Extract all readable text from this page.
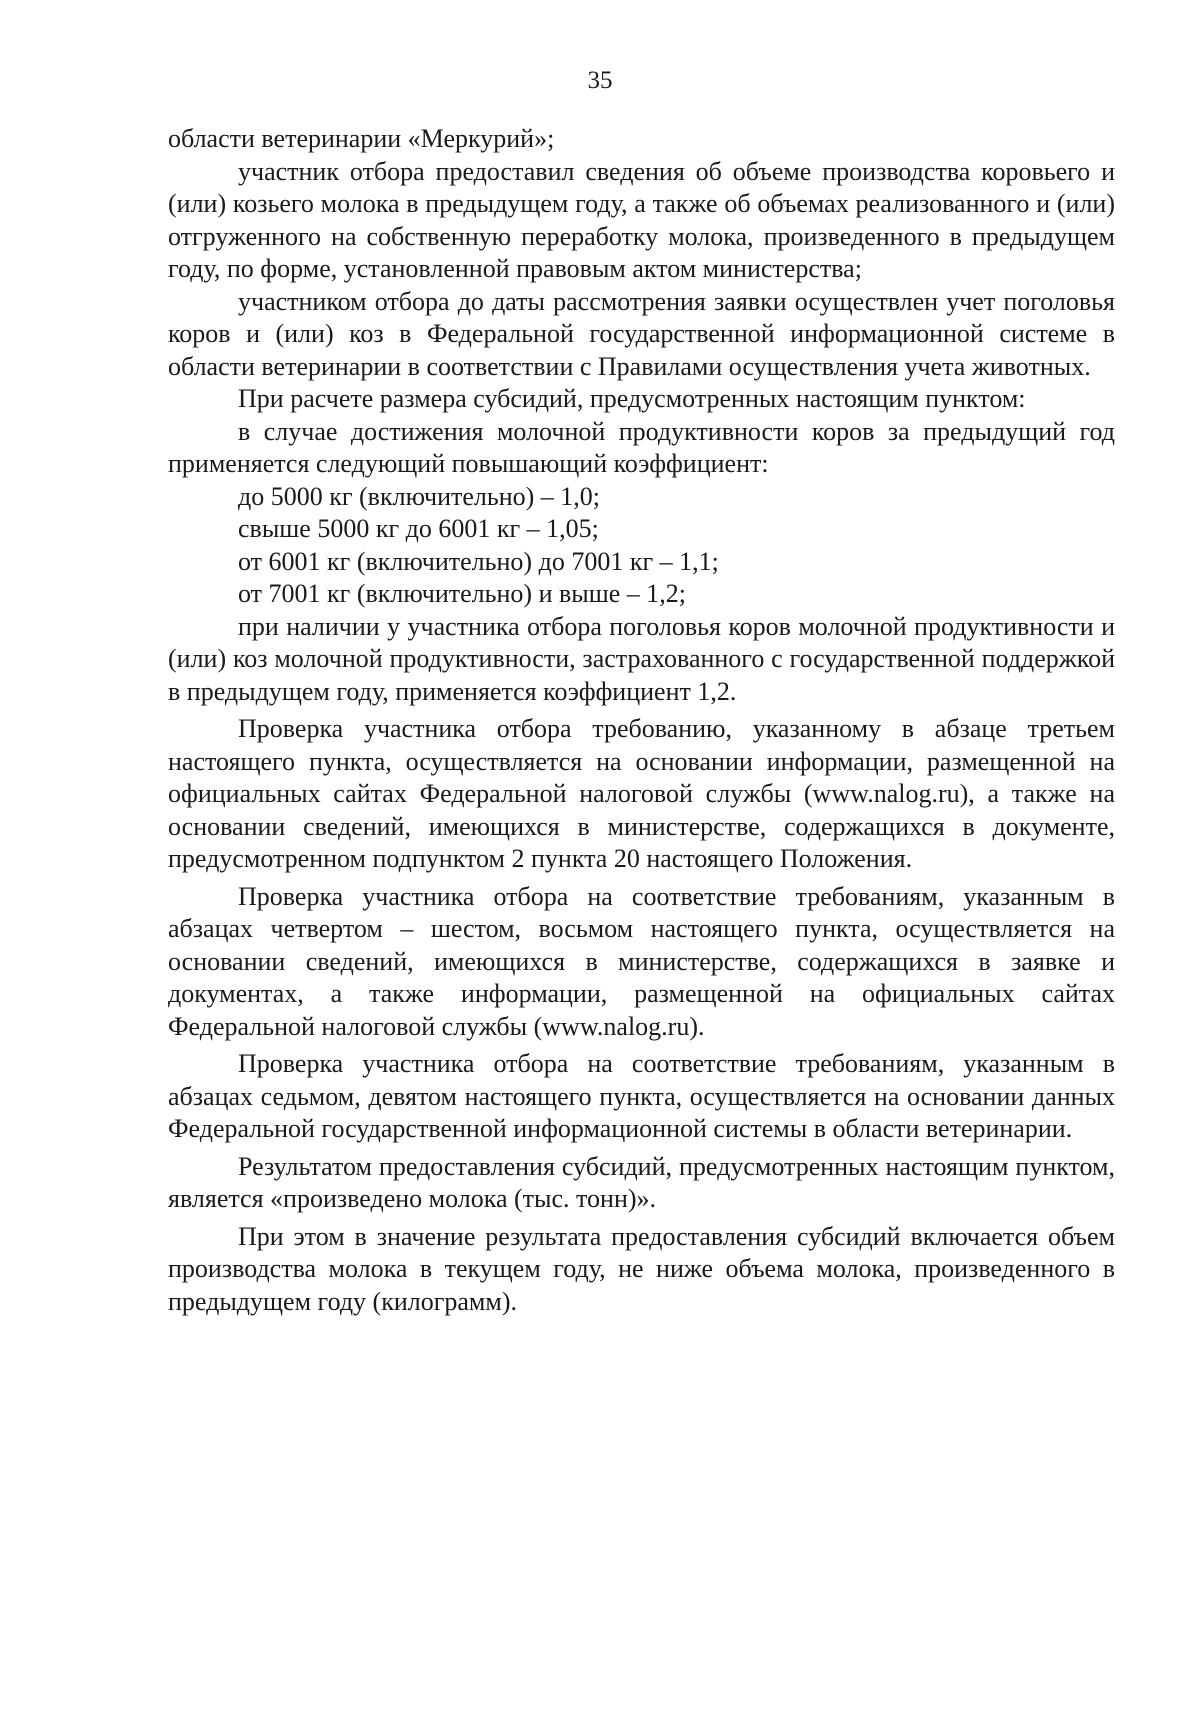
35

области ветеринарии «Меркурий»;

участник отбора предоставил сведения об объеме производства коровьего и (или) козьего молока в предыдущем году, а также об объемах реализованного и (или) отгруженного на собственную переработку молока, произведенного в предыдущем году, по форме, установленной правовым актом министерства;

участником отбора до даты рассмотрения заявки осуществлен учет поголовья коров и (или) коз в Федеральной государственной информационной системе в области ветеринарии в соответствии с Правилами осуществления учета животных.

При расчете размера субсидий, предусмотренных настоящим пунктом:

в случае достижения молочной продуктивности коров за предыдущий год применяется следующий повышающий коэффициент:

до 5000 кг (включительно) – 1,0;

свыше 5000 кг до 6001 кг – 1,05;

от 6001 кг (включительно) до 7001 кг – 1,1;

от 7001 кг (включительно) и выше – 1,2;

при наличии у участника отбора поголовья коров молочной продуктивности и (или) коз молочной продуктивности, застрахованного с государственной поддержкой в предыдущем году, применяется коэффициент 1,2.

Проверка участника отбора требованию, указанному в абзаце третьем настоящего пункта, осуществляется на основании информации, размещенной на официальных сайтах Федеральной налоговой службы (www.nalog.ru), а также на основании сведений, имеющихся в министерстве, содержащихся в документе, предусмотренном подпунктом 2 пункта 20 настоящего Положения.

Проверка участника отбора на соответствие требованиям, указанным в абзацах четвертом – шестом, восьмом настоящего пункта, осуществляется на основании сведений, имеющихся в министерстве, содержащихся в заявке и документах, а также информации, размещенной на официальных сайтах Федеральной налоговой службы (www.nalog.ru).

Проверка участника отбора на соответствие требованиям, указанным в абзацах седьмом, девятом настоящего пункта, осуществляется на основании данных Федеральной государственной информационной системы в области ветеринарии.

Результатом предоставления субсидий, предусмотренных настоящим пунктом, является «произведено молока (тыс. тонн)».

При этом в значение результата предоставления субсидий включается объем производства молока в текущем году, не ниже объема молока, произведенного в предыдущем году (килограмм).
